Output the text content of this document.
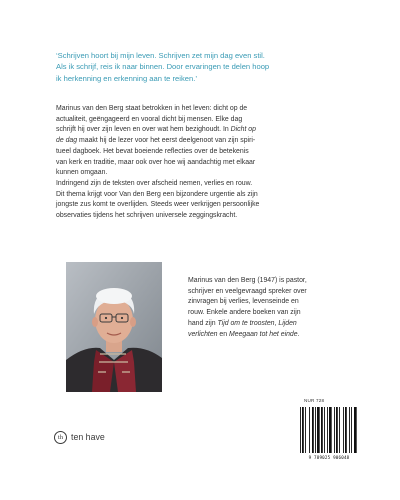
‘Schrijven hoort bij mijn leven. Schrijven zet mijn dag even stil.
Als ik schrijf, reis ik naar binnen. Door ervaringen te delen hoop
ik herkenning en erkenning aan te reiken.’
Marinus van den Berg staat betrokken in het leven: dicht op de
actualiteit, geëngageerd en vooral dicht bij mensen. Elke dag
schrijft hij over zijn leven en over wat hem bezighoudt. In Dicht op
de dag maakt hij de lezer voor het eerst deelgenoot van zijn spiri-
tueel dagboek. Het bevat boeiende reflecties over de betekenis
van kerk en traditie, maar ook over hoe wij aandachtig met elkaar
kunnen omgaan.
Indringend zijn de teksten over afscheid nemen, verlies en rouw.
Dit thema krijgt voor Van den Berg een bijzondere urgentie als zijn
jongste zus komt te overlijden. Steeds weer verkrijgen persoonlijke
observaties tijdens het schrijven universele zeggingskracht.
Marinus van den Berg (1947) is pastor,
schrijver en veelgevraagd spreker over
zinvragen bij verlies, levenseinde en
rouw. Enkele andere boeken van zijn
hand zijn Tijd om te troosten, Lijden
verlichten en Meegaan tot het einde.
NUR 728
9 789025 906048
th ten have
